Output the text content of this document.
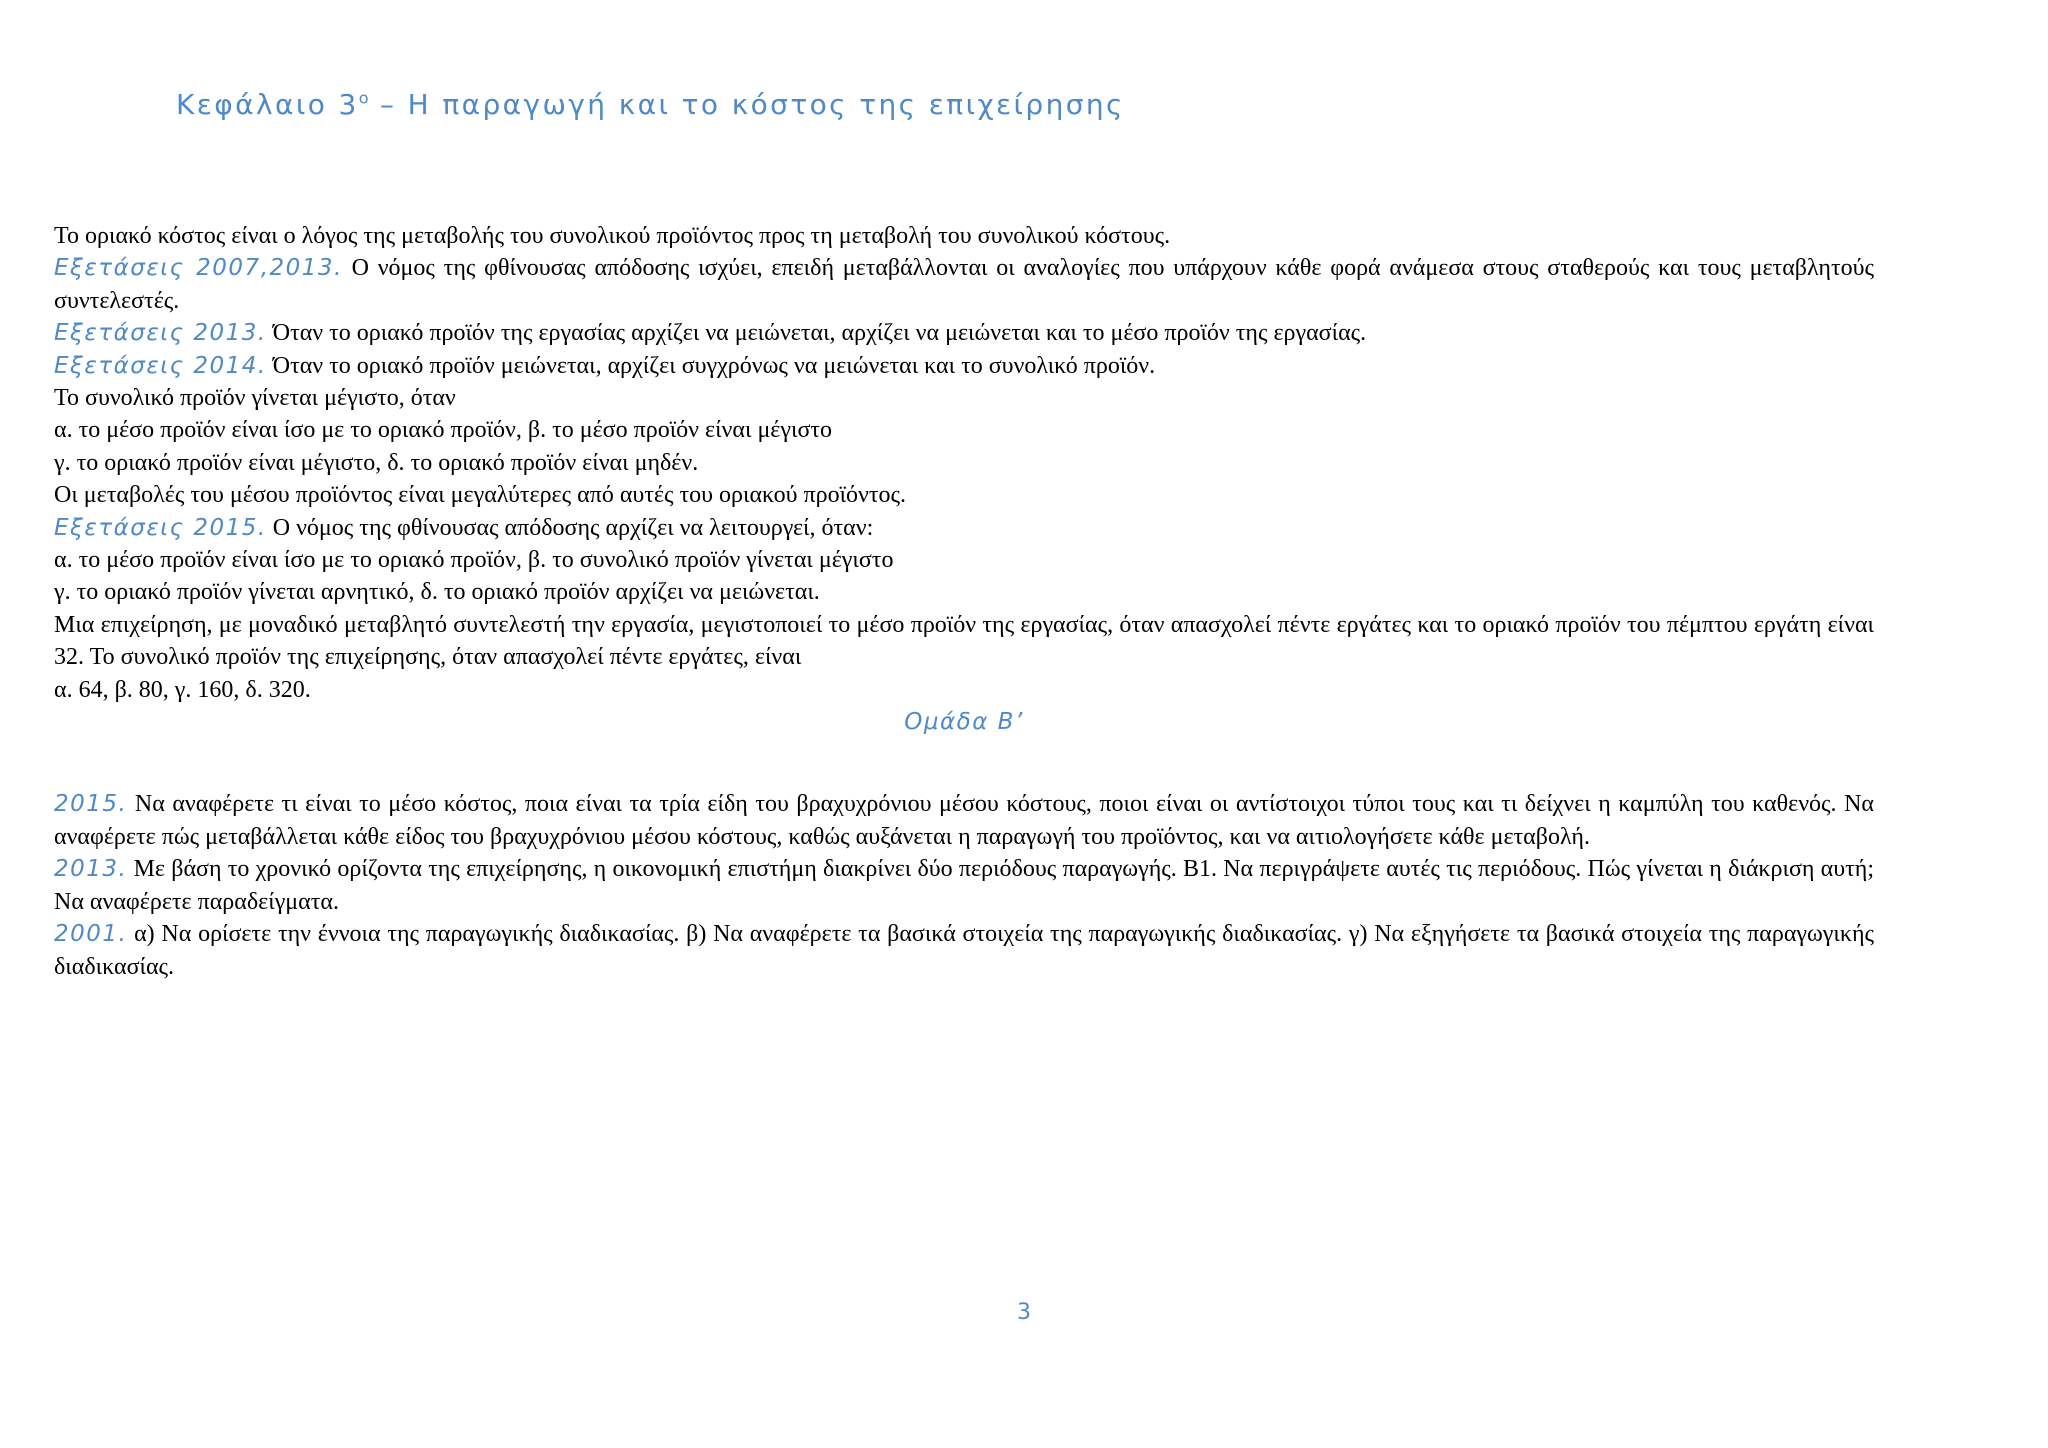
Κεφάλαιο $3^o$ – Η παραγωγή και το κόστος της επιχείρησης
Το οριακό κόστος είναι ο λόγος της μεταβολής του συνολικού προϊόντος προς τη μεταβολή του συνολικού κόστους.
Εξετάσεις 2007,2013. Ο νόμος της φθίνουσας απόδοσης ισχύει, επειδή μεταβάλλονται οι αναλογίες που υπάρχουν κάθε φορά ανάμεσα στους σταθερούς και τους μεταβλητούς συντελεστές.
Εξετάσεις 2013. Όταν το οριακό προϊόν της εργασίας αρχίζει να μειώνεται, αρχίζει να μειώνεται και το μέσο προϊόν της εργασίας.
Εξετάσεις 2014. Όταν το οριακό προϊόν μειώνεται, αρχίζει συγχρόνως να μειώνεται και το συνολικό προϊόν.
Το συνολικό προϊόν γίνεται μέγιστο, όταν
α. το μέσο προϊόν είναι ίσο με το οριακό προϊόν, β. το μέσο προϊόν είναι μέγιστο
γ. το οριακό προϊόν είναι μέγιστο, δ. το οριακό προϊόν είναι μηδέν.
Οι μεταβολές του μέσου προϊόντος είναι μεγαλύτερες από αυτές του οριακού προϊόντος.
Εξετάσεις 2015. Ο νόμος της φθίνουσας απόδοσης αρχίζει να λειτουργεί, όταν:
α. το μέσο προϊόν είναι ίσο με το οριακό προϊόν, β. το συνολικό προϊόν γίνεται μέγιστο
γ. το οριακό προϊόν γίνεται αρνητικό, δ. το οριακό προϊόν αρχίζει να μειώνεται.
Μια επιχείρηση, με μοναδικό μεταβλητό συντελεστή την εργασία, μεγιστοποιεί το μέσο προϊόν της εργασίας, όταν απασχολεί πέντε εργάτες και το οριακό προϊόν του πέμπτου εργάτη είναι 32. Το συνολικό προϊόν της επιχείρησης, όταν απασχολεί πέντε εργάτες, είναι
α. 64, β. 80, γ. 160, δ. 320.
Ομάδα Β’
2015. Να αναφέρετε τι είναι το μέσο κόστος, ποια είναι τα τρία είδη του βραχυχρόνιου μέσου κόστους, ποιοι είναι οι αντίστοιχοι τύποι τους και τι δείχνει η καμπύλη του καθενός. Να αναφέρετε πώς μεταβάλλεται κάθε είδος του βραχυχρόνιου μέσου κόστους, καθώς αυξάνεται η παραγωγή του προϊόντος, και να αιτιολογήσετε κάθε μεταβολή.
2013. Με βάση το χρονικό ορίζοντα της επιχείρησης, η οικονομική επιστήμη διακρίνει δύο περιόδους παραγωγής. Β1. Να περιγράψετε αυτές τις περιόδους. Πώς γίνεται η διάκριση αυτή; Να αναφέρετε παραδείγματα.
2001. α) Να ορίσετε την έννοια της παραγωγικής διαδικασίας. β) Να αναφέρετε τα βασικά στοιχεία της παραγωγικής διαδικασίας. γ) Να εξηγήσετε τα βασικά στοιχεία της παραγωγικής διαδικασίας.
3
